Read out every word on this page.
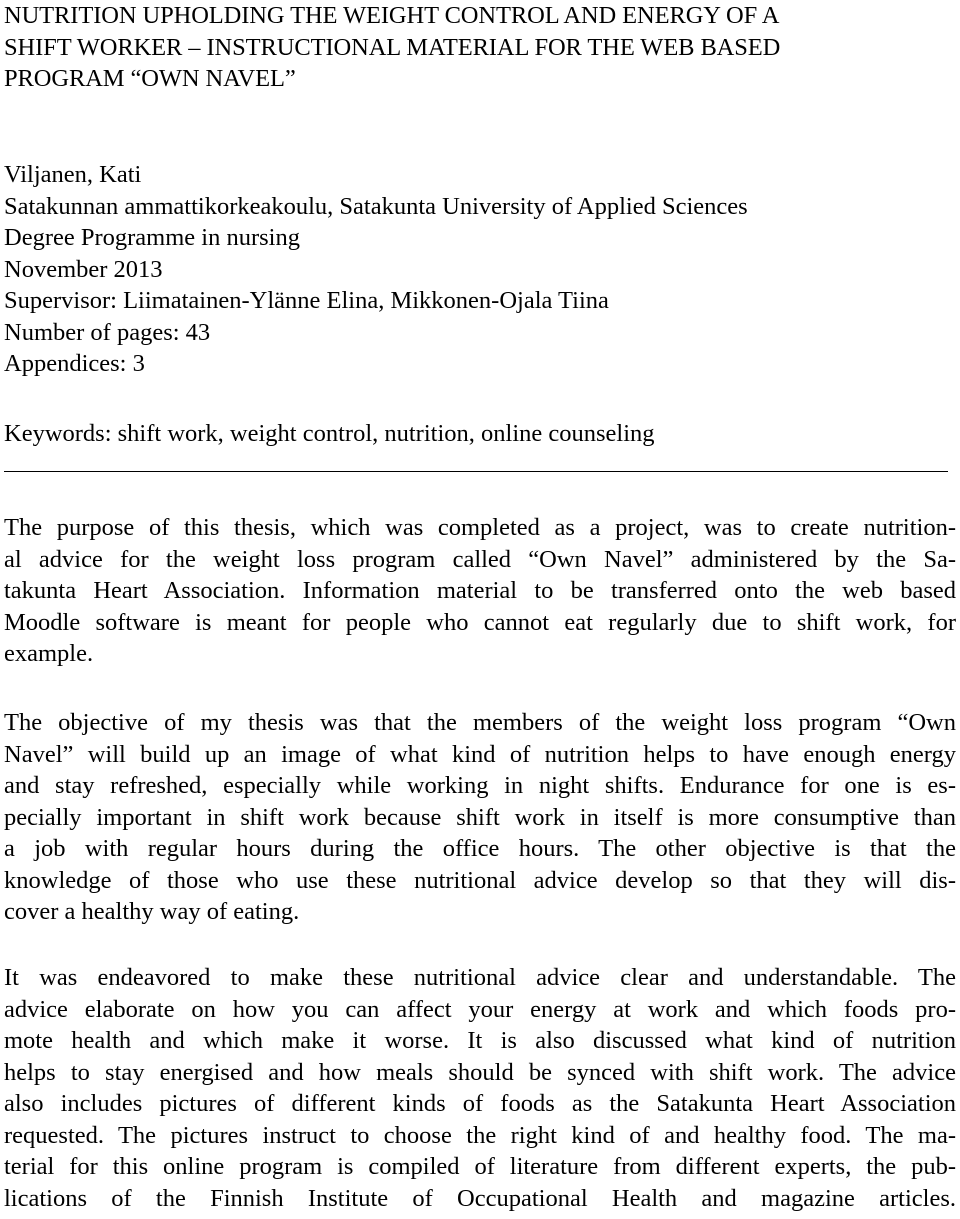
NUTRITION UPHOLDING THE WEIGHT CONTROL AND ENERGY OF A
SHIFT WORKER – INSTRUCTIONAL MATERIAL FOR THE WEB BASED
PROGRAM “OWN NAVEL”
Viljanen, Kati
Satakunnan ammattikorkeakoulu, Satakunta University of Applied Sciences
Degree Programme in nursing
November 2013
Supervisor: Liimatainen-Ylänne Elina, Mikkonen-Ojala Tiina
Number of pages: 43
Appendices: 3
Keywords: shift work, weight control, nutrition, online counseling
The purpose of this thesis, which was completed as a project, was to create nutrition-
al advice for the weight loss program called “Own Navel” administered by the Sa-
takunta Heart Association. Information material to be transferred onto the web based
Moodle software is meant for people who cannot eat regularly due to shift work, for
example.
The objective of my thesis was that the members of the weight loss program “Own
Navel” will build up an image of what kind of nutrition helps to have enough energy
and stay refreshed, especially while working in night shifts. Endurance for one is es-
pecially important in shift work because shift work in itself is more consumptive than
a job with regular hours during the office hours. The other objective is that the
knowledge of those who use these nutritional advice develop so that they will dis-
cover a healthy way of eating.
It was endeavored to make these nutritional advice clear and understandable. The
advice elaborate on how you can affect your energy at work and which foods pro-
mote health and which make it worse. It is also discussed what kind of nutrition
helps to stay energised and how meals should be synced with shift work. The advice
also includes pictures of different kinds of foods as the Satakunta Heart Association
requested. The pictures instruct to choose the right kind of and healthy food. The ma-
terial for this online program is compiled of literature from different experts, the pub-
lications of the Finnish Institute of Occupational Health and magazine articles.
